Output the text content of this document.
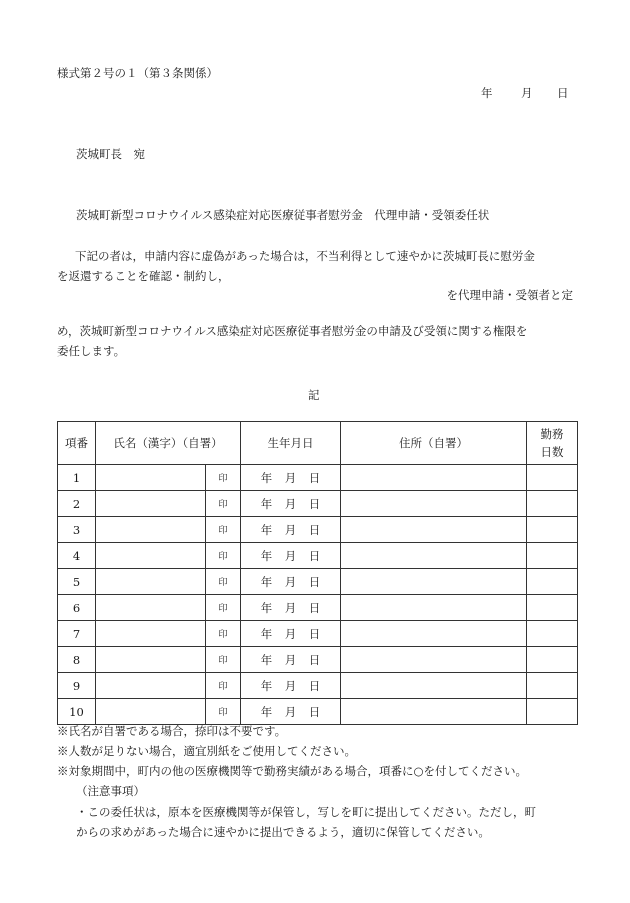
様式第２号の１（第３条関係）
年 月 日
茨城町長　宛
茨城町新型コロナウイルス感染症対応医療従事者慰労金　代理申請・受領委任状
下記の者は，申請内容に虚偽があった場合は，不当利得として速やかに茨城町長に慰労金
を返還することを確認・制約し，
を代理申請・受領者と定
め，茨城町新型コロナウイルス感染症対応医療従事者慰労金の申請及び受領に関する権限を
委任します。
記
項番	氏名（漢字）（自署）		生年月日	住所（自署）	勤務
日数
1		印	年 月 日		
2		印	年 月 日		
3		印	年 月 日		
4		印	年 月 日		
5		印	年 月 日		
6		印	年 月 日		
7		印	年 月 日		
8		印	年 月 日		
9		印	年 月 日		
10		印	年 月 日		
※氏名が自署である場合，捺印は不要です。
※人数が足りない場合，適宜別紙をご使用してください。
※対象期間中，町内の他の医療機関等で勤務実績がある場合，項番に○を付してください。
（注意事項）
・この委任状は，原本を医療機関等が保管し，写しを町に提出してください。ただし，町
からの求めがあった場合に速やかに提出できるよう，適切に保管してください。
